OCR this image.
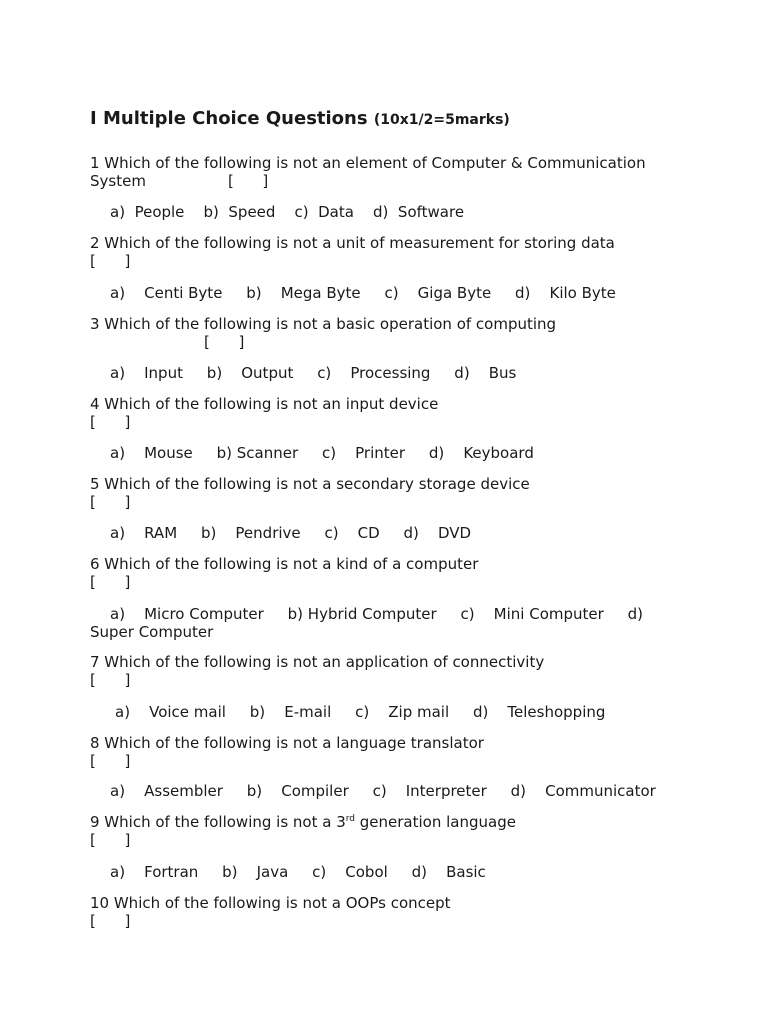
I Multiple Choice Questions (10x1/2=5marks)
1 Which of the following is not an element of Computer & Communication
System	[      ]
a)  People    b)  Speed    c)  Data    d)  Software
2 Which of the following is not a unit of measurement for storing data
[      ]
a)    Centi Byte     b)    Mega Byte     c)    Giga Byte     d)    Kilo Byte
3 Which of the following is not a basic operation of computing
[      ]
a)    Input     b)    Output     c)    Processing     d)    Bus
4 Which of the following is not an input device
[      ]
a)    Mouse     b) Scanner     c)    Printer     d)    Keyboard
5 Which of the following is not a secondary storage device
[      ]
a)    RAM     b)    Pendrive     c)    CD     d)    DVD
6 Which of the following is not a kind of a computer
[      ]
a)    Micro Computer     b) Hybrid Computer     c)    Mini Computer     d)
Super Computer
7 Which of the following is not an application of connectivity
[      ]
a)    Voice mail     b)    E-mail     c)    Zip mail     d)    Teleshopping
8 Which of the following is not a language translator
[      ]
a)    Assembler     b)    Compiler     c)    Interpreter     d)    Communicator
9 Which of the following is not a 3rd generation language
[      ]
a)    Fortran     b)    Java     c)    Cobol     d)    Basic
10 Which of the following is not a OOPs concept
[      ]
